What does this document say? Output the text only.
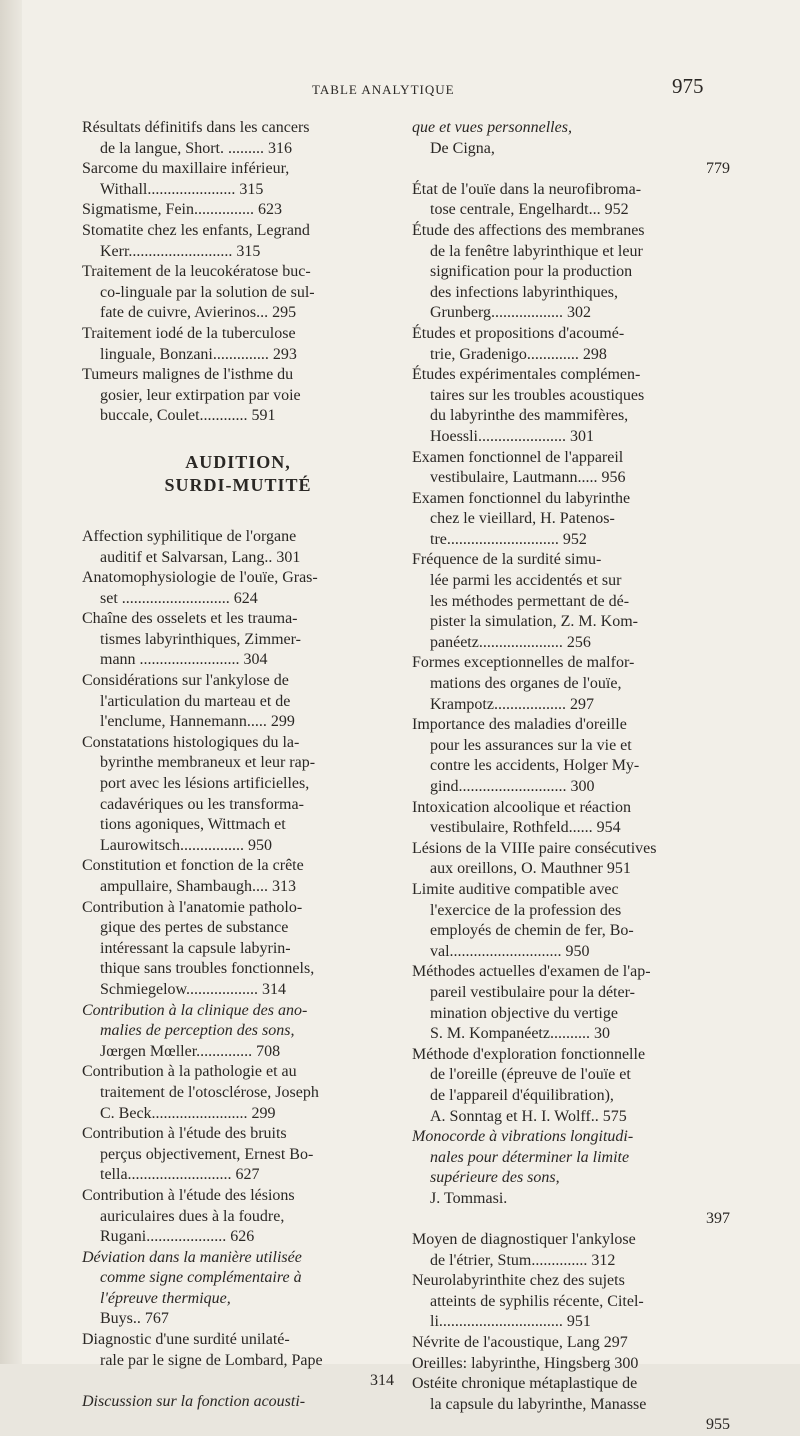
TABLE ANALYTIQUE	975
Résultats définitifs dans les cancers
de la langue, Short. ......... 316
Sarcome du maxillaire inférieur,
Withall...................... 315
Sigmatisme, Fein............... 623
Stomatite chez les enfants, Legrand
Kerr.......................... 315
Traitement de la leucokératose buc-
co-linguale par la solution de sul-
fate de cuivre, Avierinos... 295
Traitement iodé de la tuberculose
linguale, Bonzani.............. 293
Tumeurs malignes de l'isthme du
gosier, leur extirpation par voie
buccale, Coulet............ 591
AUDITION,
SURDI-MUTITÉ
Affection syphilitique de l'organe
auditif et Salvarsan, Lang.. 301
Anatomophysiologie de l'ouïe, Gras-
set ........................... 624
Chaîne des osselets et les trauma-
tismes labyrinthiques, Zimmer-
mann ......................... 304
Considérations sur l'ankylose de
l'articulation du marteau et de
l'enclume, Hannemann..... 299
Constatations histologiques du la-
byrinthe membraneux et leur rap-
port avec les lésions artificielles,
cadavériques ou les transforma-
tions agoniques, Wittmach et
Laurowitsch................ 950
Constitution et fonction de la crête
ampullaire, Shambaugh.... 313
Contribution à l'anatomie patholo-
gique des pertes de substance
intéressant la capsule labyrin-
thique sans troubles fonctionnels,
Schmiegelow.................. 314
Contribution à la clinique des ano-
malies de perception des sons,
Jœrgen Mœller.............. 708
Contribution à la pathologie et au
traitement de l'otosclérose, Joseph
C. Beck........................ 299
Contribution à l'étude des bruits
perçus objectivement, Ernest Bo-
tella.......................... 627
Contribution à l'étude des lésions
auriculaires dues à la foudre,
Rugani.................... 626
Déviation dans la manière utilisée
comme signe complémentaire à
l'épreuve thermique,
Buys.. 767
Diagnostic d'une surdité unilaté-
rale par le signe de Lombard, Pape
314
Discussion sur la fonction acousti-
que et vues personnelles,
De Cigna,
779
État de l'ouïe dans la neurofibroma-
tose centrale, Engelhardt... 952
Étude des affections des membranes
de la fenêtre labyrinthique et leur
signification pour la production
des infections labyrinthiques,
Grunberg.................. 302
Études et propositions d'acoumé-
trie, Gradenigo............. 298
Études expérimentales complémen-
taires sur les troubles acoustiques
du labyrinthe des mammifères,
Hoessli...................... 301
Examen fonctionnel de l'appareil
vestibulaire, Lautmann..... 956
Examen fonctionnel du labyrinthe
chez le vieillard, H. Patenos-
tre............................ 952
Fréquence de la surdité simu-
lée parmi les accidentés et sur
les méthodes permettant de dé-
pister la simulation, Z. M. Kom-
panéetz..................... 256
Formes exceptionnelles de malfor-
mations des organes de l'ouïe,
Krampotz.................. 297
Importance des maladies d'oreille
pour les assurances sur la vie et
contre les accidents, Holger My-
gind........................... 300
Intoxication alcoolique et réaction
vestibulaire, Rothfeld...... 954
Lésions de la VIIIe paire consécutives
aux oreillons, O. Mauthner 951
Limite auditive compatible avec
l'exercice de la profession des
employés de chemin de fer, Bo-
val............................ 950
Méthodes actuelles d'examen de l'ap-
pareil vestibulaire pour la déter-
mination objective du vertige
S. M. Kompanéetz.......... 30
Méthode d'exploration fonctionnelle
de l'oreille (épreuve de l'ouïe et
de l'appareil d'équilibration),
A. Sonntag et H. I. Wolff.. 575
Monocorde à vibrations longitudi-
nales pour déterminer la limite
supérieure des sons,
J. Tommasi.
397
Moyen de diagnostiquer l'ankylose
de l'étrier, Stum.............. 312
Neurolabyrinthite chez des sujets
atteints de syphilis récente, Citel-
li............................... 951
Névrite de l'acoustique, Lang 297
Oreilles: labyrinthe, Hingsberg 300
Ostéite chronique métaplastique de
la capsule du labyrinthe, Manasse
955
